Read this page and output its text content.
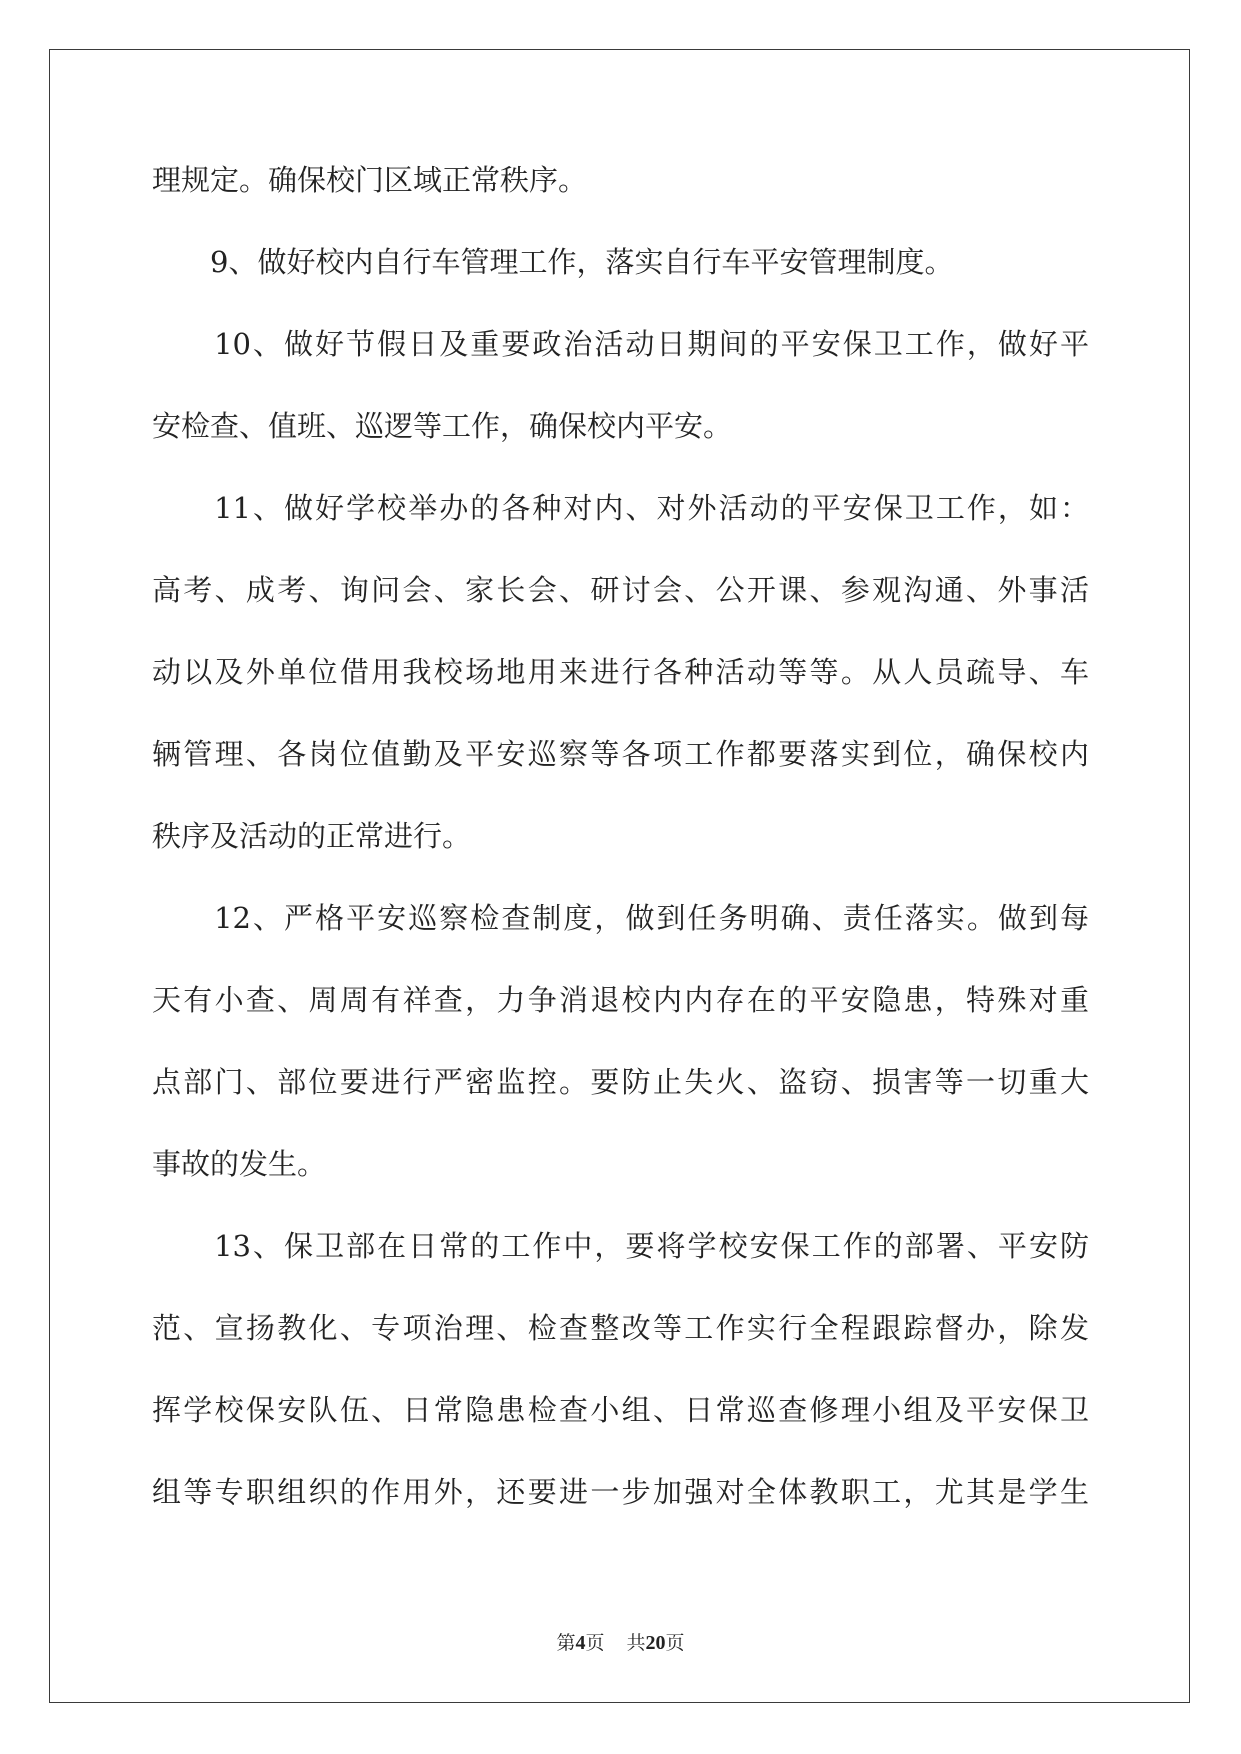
理规定。确保校门区域正常秩序。
　　9、做好校内自行车管理工作，落实自行车平安管理制度。
　　10、做好节假日及重要政治活动日期间的平安保卫工作，做好平
安检查、值班、巡逻等工作，确保校内平安。
　　11、做好学校举办的各种对内、对外活动的平安保卫工作，如：
高考、成考、询问会、家长会、研讨会、公开课、参观沟通、外事活
动以及外单位借用我校场地用来进行各种活动等等。从人员疏导、车
辆管理、各岗位值勤及平安巡察等各项工作都要落实到位，确保校内
秩序及活动的正常进行。
　　12、严格平安巡察检查制度，做到任务明确、责任落实。做到每
天有小查、周周有祥查，力争消退校内内存在的平安隐患，特殊对重
点部门、部位要进行严密监控。要防止失火、盗窃、损害等一切重大
事故的发生。
　　13、保卫部在日常的工作中，要将学校安保工作的部署、平安防
范、宣扬教化、专项治理、检查整改等工作实行全程跟踪督办，除发
挥学校保安队伍、日常隐患检查小组、日常巡查修理小组及平安保卫
组等专职组织的作用外，还要进一步加强对全体教职工，尤其是学生
第4页 共20页
